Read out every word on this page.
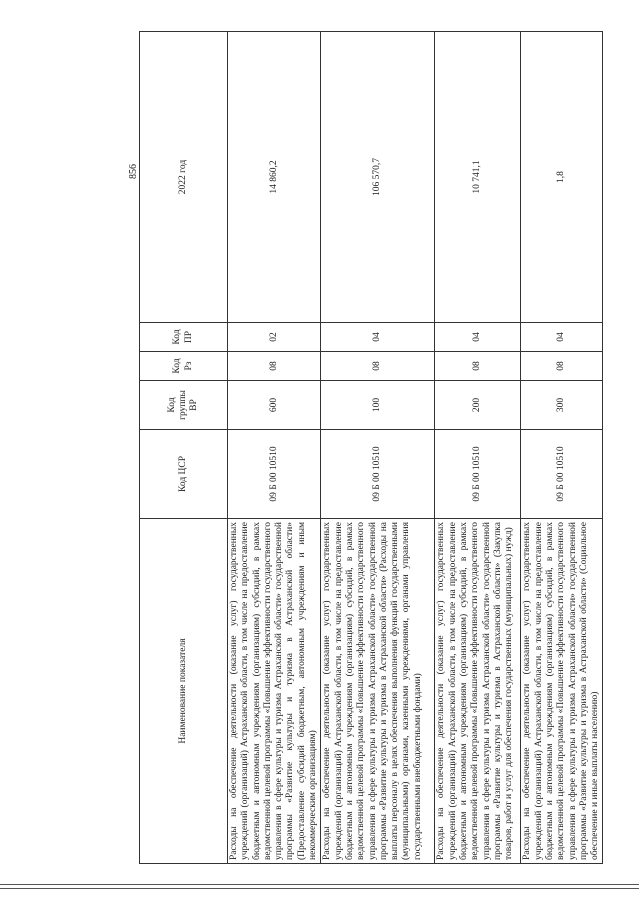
856
Наименование показателя	Код ЦСР	Код группы ВР	Код Рз	Код ПР	2022 год
Расходы на обеспечение деятельности (оказание услуг) государственных учреждений (организаций) Астраханской области, в том числе на предоставление бюджетным и автономным учреждениям (организациям) субсидий, в рамках ведомственной целевой программы «Повышение эффективности государственного управления в сфере культуры и туризма Астраханской области» государственной программы «Развитие культуры и туризма в Астраханской области» (Предоставление субсидий бюджетным, автономным учреждениям и иным некоммерческим организациям)	09 Б 00 10510	600	08	02	14 860,2
Расходы на обеспечение деятельности (оказание услуг) государственных учреждений (организаций) Астраханской области, в том числе на предоставление бюджетным и автономным учреждениям (организациям) субсидий, в рамках ведомственной целевой программы «Повышение эффективности государственного управления в сфере культуры и туризма Астраханской области» государственной программы «Развитие культуры и туризма в Астраханской области» (Расходы на выплаты персоналу в целях обеспечения выполнения функций государственными (муниципальными) органами, казенными учреждениями, органами управления государственными внебюджетными фондами)	09 Б 00 10510	100	08	04	106 570,7
Расходы на обеспечение деятельности (оказание услуг) государственных учреждений (организаций) Астраханской области, в том числе на предоставление бюджетным и автономным учреждениям (организациям) субсидий, в рамках ведомственной целевой программы «Повышение эффективности государственного управления в сфере культуры и туризма Астраханской области» государственной программы «Развитие культуры и туризма в Астраханской области» (Закупка товаров, работ и услуг для обеспечения государственных (муниципальных) нужд)	09 Б 00 10510	200	08	04	10 741,1
Расходы на обеспечение деятельности (оказание услуг) государственных учреждений (организаций) Астраханской области, в том числе на предоставление бюджетным и автономным учреждениям (организациям) субсидий, в рамках ведомственной целевой программы «Повышение эффективности государственного управления в сфере культуры и туризма Астраханской области» государственной программы «Развитие культуры и туризма в Астраханской области» (Социальное обеспечение и иные выплаты населению)	09 Б 00 10510	300	08	04	1,8
